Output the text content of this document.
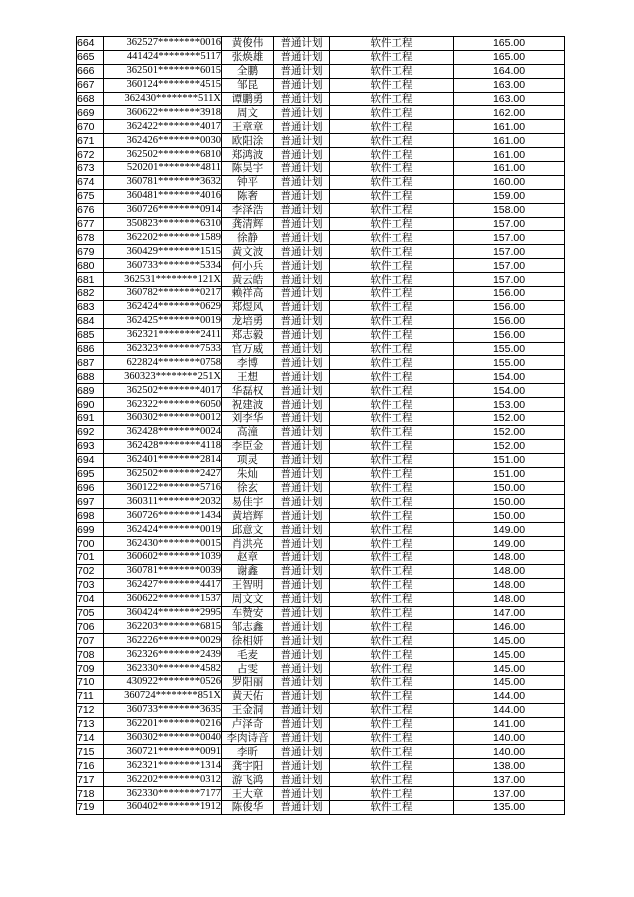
664	362527********0016	黄俊伟	普通计划	软件工程	165.00
665	441424********5117	张焕雄	普通计划	软件工程	165.00
666	362501********6015	全鹏	普通计划	软件工程	164.00
667	360124********4515	邹昆	普通计划	软件工程	163.00
668	362430********511X	谭鹏勇	普通计划	软件工程	163.00
669	360622********3918	周文	普通计划	软件工程	162.00
670	362422********4017	王章章	普通计划	软件工程	161.00
671	362426********0030	欧阳涂	普通计划	软件工程	161.00
672	362502********6810	郑鸿波	普通计划	软件工程	161.00
673	520201********4811	陈昊宇	普通计划	软件工程	161.00
674	360781********3632	钟平	普通计划	软件工程	160.00
675	360481********4016	陈奢	普通计划	软件工程	159.00
676	360726********0914	李泽浩	普通计划	软件工程	158.00
677	350823********6310	龚清辉	普通计划	软件工程	157.00
678	362202********1589	徐静	普通计划	软件工程	157.00
679	360429********1515	黄文波	普通计划	软件工程	157.00
680	360733********5334	何小兵	普通计划	软件工程	157.00
681	362531********121X	黄云皓	普通计划	软件工程	157.00
682	360782********0217	赖祥高	普通计划	软件工程	156.00
683	362424********0629	郑煜风	普通计划	软件工程	156.00
684	362425********0019	龙培勇	普通计划	软件工程	156.00
685	362321********2411	郑志毅	普通计划	软件工程	156.00
686	362323********7533	官万威	普通计划	软件工程	155.00
687	622824********0758	李博	普通计划	软件工程	155.00
688	360323********251X	王想	普通计划	软件工程	154.00
689	362502********4017	华磊权	普通计划	软件工程	154.00
690	362322********6050	祝建波	普通计划	软件工程	153.00
691	360302********0012	刘李华	普通计划	软件工程	152.00
692	362428********0024	高潼	普通计划	软件工程	152.00
693	362428********4118	李臣金	普通计划	软件工程	152.00
694	362401********2814	项灵	普通计划	软件工程	151.00
695	362502********2427	朱灿	普通计划	软件工程	151.00
696	360122********5716	徐玄	普通计划	软件工程	150.00
697	360311********2032	易佳宇	普通计划	软件工程	150.00
698	360726********1434	黄培辉	普通计划	软件工程	150.00
699	362424********0019	邱意文	普通计划	软件工程	149.00
700	362430********0015	肖洪亮	普通计划	软件工程	149.00
701	360602********1039	赵章	普通计划	软件工程	148.00
702	360781********0039	谢鑫	普通计划	软件工程	148.00
703	362427********4417	王智明	普通计划	软件工程	148.00
704	360622********1537	周文文	普通计划	软件工程	148.00
705	360424********2995	车赞安	普通计划	软件工程	147.00
706	362203********6815	邹志鑫	普通计划	软件工程	146.00
707	362226********0029	徐相妍	普通计划	软件工程	145.00
708	362326********2439	毛麦	普通计划	软件工程	145.00
709	362330********4582	占雯	普通计划	软件工程	145.00
710	430922********0526	罗阳丽	普通计划	软件工程	145.00
711	360724********851X	黄天佑	普通计划	软件工程	144.00
712	360733********3635	王金洞	普通计划	软件工程	144.00
713	362201********0216	卢泽奇	普通计划	软件工程	141.00
714	360302********0040	李肉诗音	普通计划	软件工程	140.00
715	360721********0091	李昕	普通计划	软件工程	140.00
716	362321********1314	龚宇阳	普通计划	软件工程	138.00
717	362202********0312	游飞鸿	普通计划	软件工程	137.00
718	362330********7177	王大章	普通计划	软件工程	137.00
719	360402********1912	陈俊华	普通计划	软件工程	135.00
